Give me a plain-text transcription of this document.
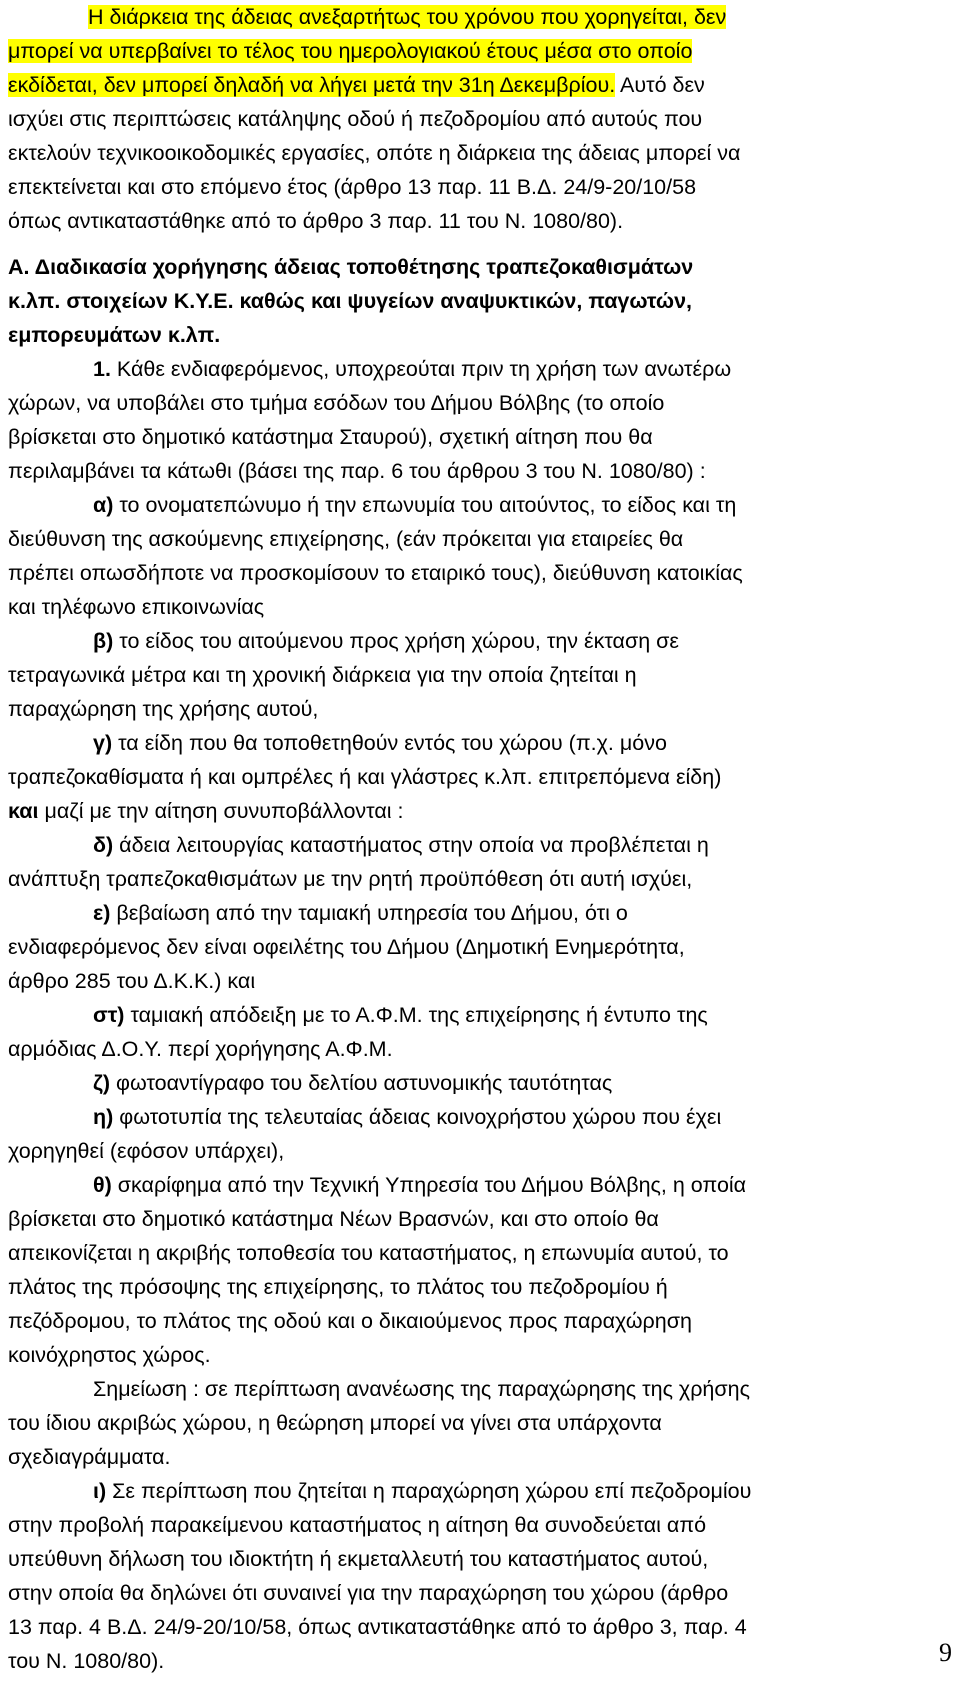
Η διάρκεια της άδειας ανεξαρτήτως του χρόνου που χορηγείται, δεν
μπορεί να υπερβαίνει το τέλος του ημερολογιακού έτους μέσα στο οποίο
εκδίδεται, δεν μπορεί δηλαδή να λήγει μετά την 31η Δεκεμβρίου. Αυτό δεν
ισχύει στις περιπτώσεις κατάληψης οδού ή πεζοδρομίου από αυτούς που
εκτελούν τεχνικοοικοδομικές εργασίες, οπότε η διάρκεια της άδειας μπορεί να
επεκτείνεται και στο επόμενο έτος (άρθρο 13 παρ. 11 Β.Δ. 24/9-20/10/58
όπως αντικαταστάθηκε από το άρθρο 3 παρ. 11 του Ν. 1080/80).
Α. Διαδικασία χορήγησης άδειας τοποθέτησης τραπεζοκαθισμάτων
κ.λπ. στοιχείων Κ.Υ.Ε. καθώς και ψυγείων αναψυκτικών, παγωτών,
εμπορευμάτων κ.λπ.
1. Κάθε ενδιαφερόμενος, υποχρεούται πριν τη χρήση των ανωτέρω
χώρων, να υποβάλει στο τμήμα εσόδων του Δήμου Βόλβης (το οποίο
βρίσκεται στο δημοτικό κατάστημα Σταυρού), σχετική αίτηση που θα
περιλαμβάνει τα κάτωθι (βάσει της παρ. 6 του άρθρου 3 του Ν. 1080/80) :
α) το ονοματεπώνυμο ή την επωνυμία του αιτούντος, το είδος και τη
διεύθυνση της ασκούμενης επιχείρησης, (εάν πρόκειται για εταιρείες θα
πρέπει οπωσδήποτε να προσκομίσουν το εταιρικό τους), διεύθυνση κατοικίας
και τηλέφωνο επικοινωνίας
β) το είδος του αιτούμενου προς χρήση χώρου, την έκταση σε
τετραγωνικά μέτρα και τη χρονική διάρκεια για την οποία ζητείται η
παραχώρηση της χρήσης αυτού,
γ) τα είδη που θα τοποθετηθούν εντός του χώρου (π.χ. μόνο
τραπεζοκαθίσματα ή και ομπρέλες ή και γλάστρες κ.λπ. επιτρεπόμενα είδη)
και μαζί με την αίτηση συνυποβάλλονται :
δ) άδεια λειτουργίας καταστήματος στην οποία να προβλέπεται η
ανάπτυξη τραπεζοκαθισμάτων με την ρητή προϋπόθεση ότι αυτή ισχύει,
ε) βεβαίωση από την ταμιακή υπηρεσία του Δήμου, ότι ο
ενδιαφερόμενος δεν είναι οφειλέτης του Δήμου (Δημοτική Ενημερότητα,
άρθρο 285 του Δ.Κ.Κ.) και
στ) ταμιακή απόδειξη με το Α.Φ.Μ. της επιχείρησης ή έντυπο της
αρμόδιας Δ.Ο.Υ. περί χορήγησης Α.Φ.Μ.
ζ) φωτοαντίγραφο του δελτίου αστυνομικής ταυτότητας
η) φωτοτυπία της τελευταίας άδειας κοινοχρήστου χώρου που έχει
χορηγηθεί (εφόσον υπάρχει),
θ) σκαρίφημα από την Τεχνική Υπηρεσία του Δήμου Βόλβης, η οποία
βρίσκεται στο δημοτικό κατάστημα Νέων Βρασνών, και στο οποίο θα
απεικονίζεται η ακριβής τοποθεσία του καταστήματος, η επωνυμία αυτού, το
πλάτος της πρόσοψης της επιχείρησης, το πλάτος του πεζοδρομίου ή
πεζόδρομου, το πλάτος της οδού και ο δικαιούμενος προς παραχώρηση
κοινόχρηστος χώρος.
Σημείωση : σε περίπτωση ανανέωσης της παραχώρησης της χρήσης
του ίδιου ακριβώς χώρου, η θεώρηση μπορεί να γίνει στα υπάρχοντα
σχεδιαγράμματα.
ι) Σε περίπτωση που ζητείται η παραχώρηση χώρου επί πεζοδρομίου
στην προβολή παρακείμενου καταστήματος η αίτηση θα συνοδεύεται από
υπεύθυνη δήλωση του ιδιοκτήτη ή εκμεταλλευτή του καταστήματος αυτού,
στην οποία θα δηλώνει ότι συναινεί για την παραχώρηση του χώρου (άρθρο
13 παρ. 4 Β.Δ. 24/9-20/10/58, όπως αντικαταστάθηκε από το άρθρο 3, παρ. 4
του Ν. 1080/80).	9
